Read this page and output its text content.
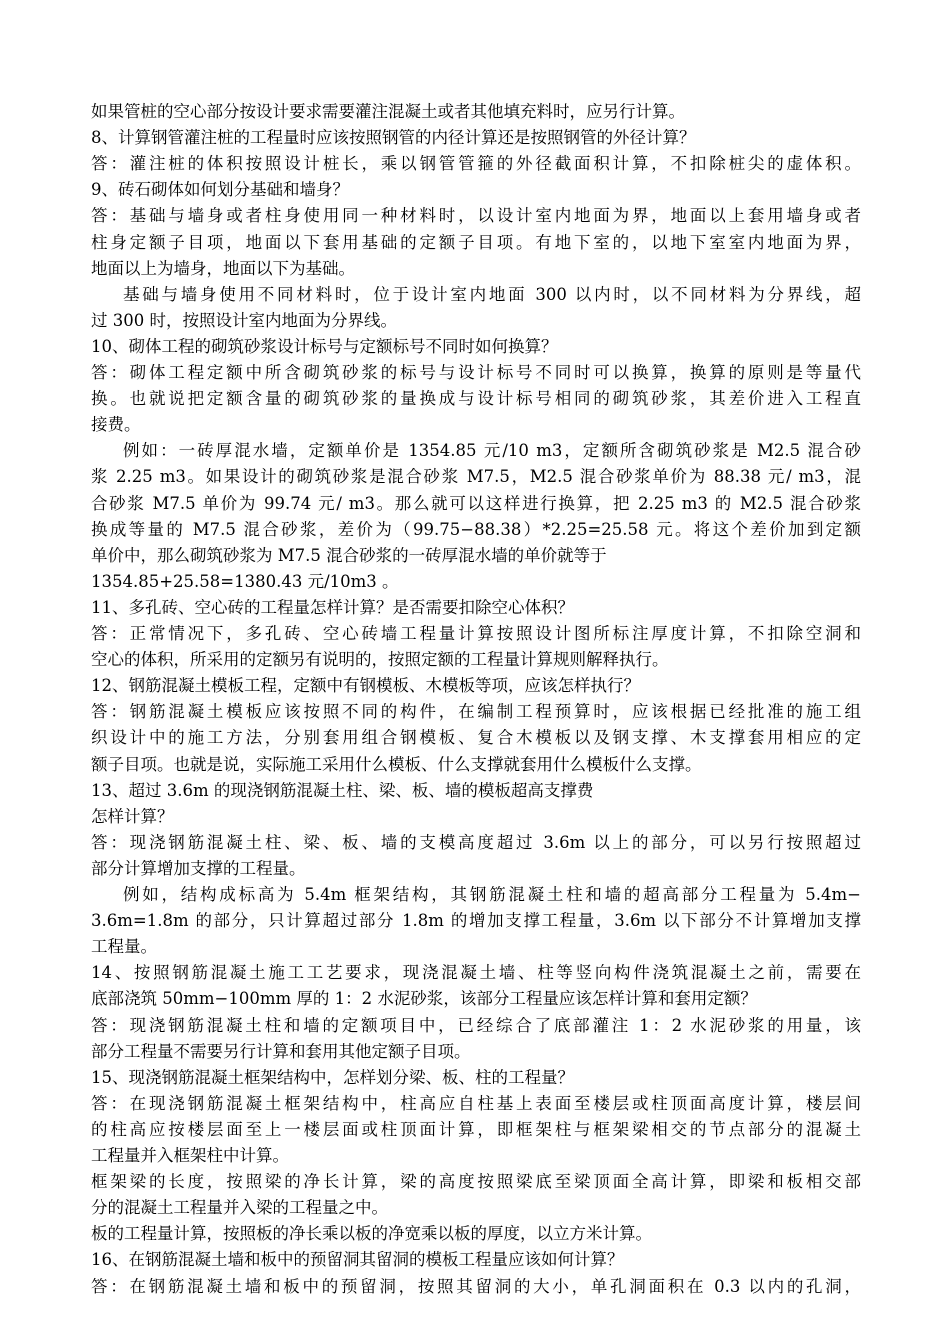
如果管桩的空心部分按设计要求需要灌注混凝土或者其他填充料时，应另行计算。
8、计算钢管灌注桩的工程量时应该按照钢管的内径计算还是按照钢管的外径计算？
答：灌注桩的体积按照设计桩长，乘以钢管管箍的外径截面积计算，不扣除桩尖的虚体积。
9、砖石砌体如何划分基础和墙身？
答：基础与墙身或者柱身使用同一种材料时，以设计室内地面为界，地面以上套用墙身或者
柱身定额子目项，地面以下套用基础的定额子目项。有地下室的，以地下室室内地面为界，
地面以上为墙身，地面以下为基础。
基础与墙身使用不同材料时，位于设计室内地面 300 以内时，以不同材料为分界线，超
过 300 时，按照设计室内地面为分界线。
10、砌体工程的砌筑砂浆设计标号与定额标号不同时如何换算？
答：砌体工程定额中所含砌筑砂浆的标号与设计标号不同时可以换算，换算的原则是等量代
换。也就说把定额含量的砌筑砂浆的量换成与设计标号相同的砌筑砂浆，其差价进入工程直
接费。
例如：一砖厚混水墙，定额单价是 1354.85 元/10 m3，定额所含砌筑砂浆是 M2.5 混合砂
浆 2.25 m3。如果设计的砌筑砂浆是混合砂浆 M7.5，M2.5 混合砂浆单价为 88.38 元/ m3，混
合砂浆 M7.5 单价为 99.74 元/ m3。那么就可以这样进行换算，把 2.25 m3 的 M2.5 混合砂浆
换成等量的 M7.5 混合砂浆，差价为（99.75−88.38）*2.25=25.58 元。将这个差价加到定额
单价中，那么砌筑砂浆为 M7.5 混合砂浆的一砖厚混水墙的单价就等于
1354.85+25.58=1380.43 元/10m3 。
11、多孔砖、空心砖的工程量怎样计算？是否需要扣除空心体积？
答：正常情况下，多孔砖、空心砖墙工程量计算按照设计图所标注厚度计算，不扣除空洞和
空心的体积，所采用的定额另有说明的，按照定额的工程量计算规则解释执行。
12、钢筋混凝土模板工程，定额中有钢模板、木模板等项，应该怎样执行？
答：钢筋混凝土模板应该按照不同的构件，在编制工程预算时，应该根据已经批准的施工组
织设计中的施工方法，分别套用组合钢模板、复合木模板以及钢支撑、木支撑套用相应的定
额子目项。也就是说，实际施工采用什么模板、什么支撑就套用什么模板什么支撑。
13、超过 3.6m 的现浇钢筋混凝土柱、梁、板、墙的模板超高支撑费
怎样计算？
答：现浇钢筋混凝土柱、梁、板、墙的支模高度超过 3.6m 以上的部分，可以另行按照超过
部分计算增加支撑的工程量。
例如，结构成标高为 5.4m 框架结构，其钢筋混凝土柱和墙的超高部分工程量为 5.4m−
3.6m=1.8m 的部分，只计算超过部分 1.8m 的增加支撑工程量，3.6m 以下部分不计算增加支撑
工程量。
14、按照钢筋混凝土施工工艺要求，现浇混凝土墙、柱等竖向构件浇筑混凝土之前，需要在
底部浇筑 50mm−100mm 厚的 1：2 水泥砂浆，该部分工程量应该怎样计算和套用定额？
答：现浇钢筋混凝土柱和墙的定额项目中，已经综合了底部灌注 1：2 水泥砂浆的用量，该
部分工程量不需要另行计算和套用其他定额子目项。
15、现浇钢筋混凝土框架结构中，怎样划分梁、板、柱的工程量？
答：在现浇钢筋混凝土框架结构中，柱高应自柱基上表面至楼层或柱顶面高度计算，楼层间
的柱高应按楼层面至上一楼层面或柱顶面计算，即框架柱与框架梁相交的节点部分的混凝土
工程量并入框架柱中计算。
框架梁的长度，按照梁的净长计算，梁的高度按照梁底至梁顶面全高计算，即梁和板相交部
分的混凝土工程量并入梁的工程量之中。
板的工程量计算，按照板的净长乘以板的净宽乘以板的厚度，以立方米计算。
16、在钢筋混凝土墙和板中的预留洞其留洞的模板工程量应该如何计算？
答：在钢筋混凝土墙和板中的预留洞，按照其留洞的大小，单孔洞面积在 0.3 以内的孔洞，
